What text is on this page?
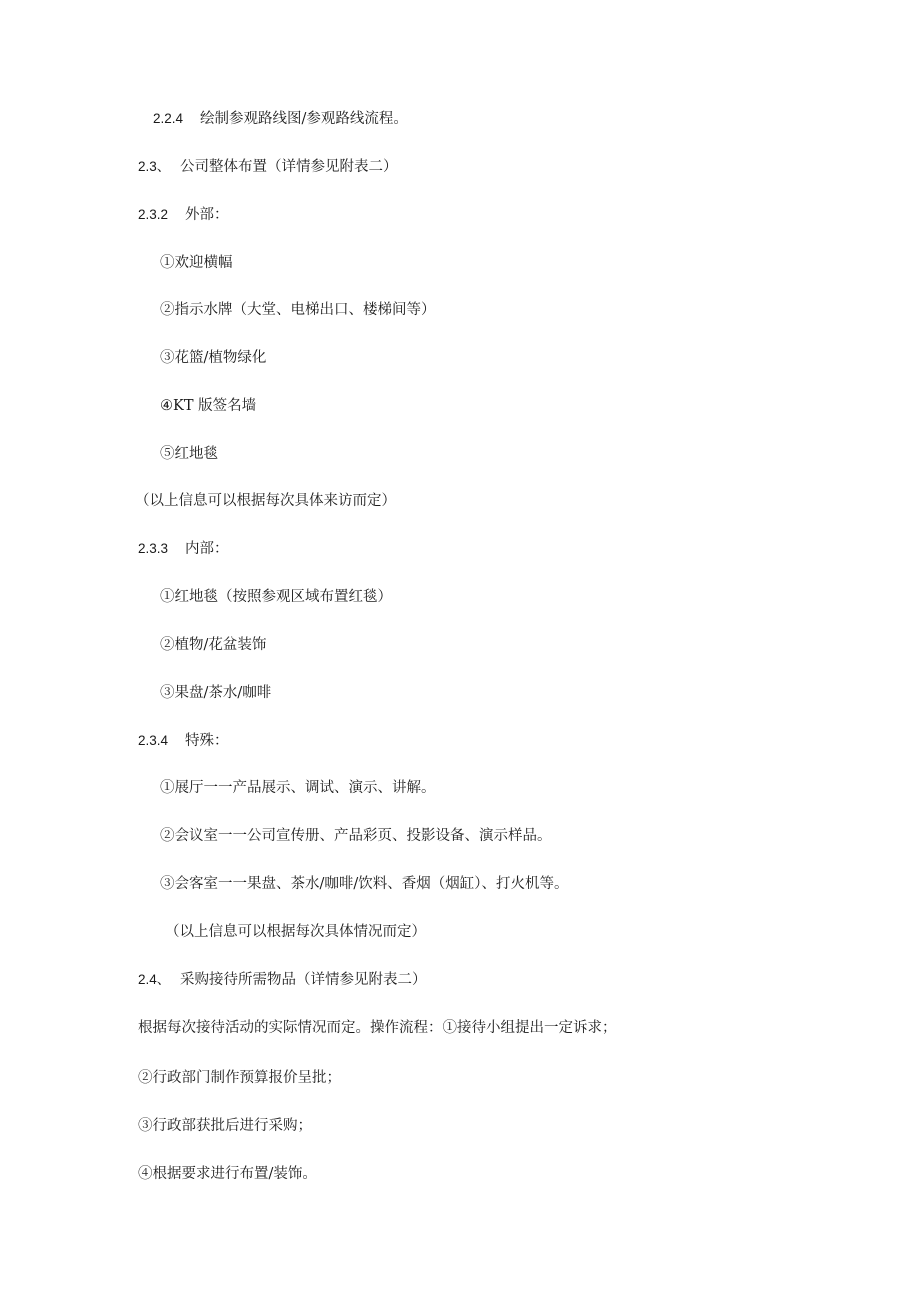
2.2.4 绘制参观路线图/参观路线流程。
2.3、 公司整体布置（详情参见附表二）
2.3.2 外部：
①欢迎横幅
②指示水牌（大堂、电梯出口、楼梯间等）
③花篮/植物绿化
④KT 版签名墙
⑤红地毯
（以上信息可以根据每次具体来访而定）
2.3.3 内部：
①红地毯（按照参观区域布置红毯）
②植物/花盆装饰
③果盘/茶水/咖啡
2.3.4 特殊：
①展厅一一产品展示、调试、演示、讲解。
②会议室一一公司宣传册、产品彩页、投影设备、演示样品。
③会客室一一果盘、茶水/咖啡/饮料、香烟（烟缸）、打火机等。
（以上信息可以根据每次具体情况而定）
2.4、 采购接待所需物品（详情参见附表二）
根据每次接待活动的实际情况而定。操作流程：①接待小组提出一定诉求；
②行政部门制作预算报价呈批；
③行政部获批后进行采购；
④根据要求进行布置/装饰。
